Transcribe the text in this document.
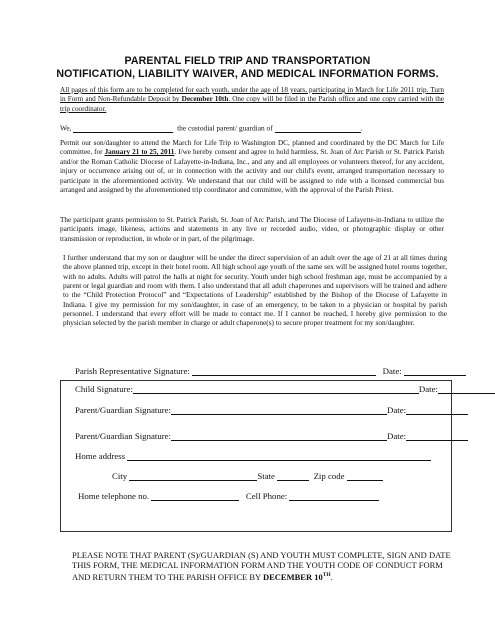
PARENTAL FIELD TRIP AND TRANSPORTATION
NOTIFICATION, LIABILITY WAIVER, AND MEDICAL INFORMATION FORMS.
All pages of this form are to be completed for each youth, under the age of 18 years, participating in March for Life 2011 trip. Turn in Form and Non-Refundable Deposit by December 10th. One copy will be filed in the Parish office and one copy carried with the trip coordinator.
We,	the custodial parent/ guardian of	.
Permit our son/daughter to attend the March for Life Trip to Washington DC, planned and coordinated by the DC March for Life committee, for January 21 to 25, 2011. I/we hereby consent and agree to hold harmless, St. Joan of Arc Parish or St. Patrick Parish and/or the Roman Catholic Diocese of Lafayette-in-Indiana, Inc., and any and all employees or volunteers thereof, for any accident, injury or occurrence arising out of, or in connection with the activity and our child's event, arranged transportation necessary to participate in the aforementioned activity. We understand that our child will be assigned to ride with a licensed commercial bus arranged and assigned by the aforementioned trip coordinator and committee, with the approval of the Parish Priest.
The participant grants permission to St. Patrick Parish, St. Joan of Arc Parish, and The Diocese of Lafayette-in-Indiana to utilize the participants image, likeness, actions and statements in any live or recorded audio, video, or photographic display or other transmission or reproduction, in whole or in part, of the pilgrimage.
I further understand that my son or daughter will be under the direct supervision of an adult over the age of 21 at all times during the above planned trip, except in their hotel room. All high school age youth of the same sex will be assigned hotel rooms together, with no adults. Adults will patrol the halls at night for security. Youth under high school freshman age, must be accompanied by a parent or legal guardian and room with them. I also understand that all adult chaperones and supervisors will be trained and adhere to the “Child Protection Protocol” and “Expectations of Leadership” established by the Bishop of the Diocese of Lafayette in Indiana. I give my permission for my son/daughter, in case of an emergency, to be taken to a physician or hospital by parish personnel. I understand that every effort will be made to contact me. If I cannot be reached, I hereby give permission to the physician selected by the parish member in charge or adult chaperone(s) to secure proper treatment for my son/daughter.
Parish Representative Signature:	Date:
Child Signature:	Date:
Parent/Guardian Signature:	Date:
Parent/Guardian Signature:	Date:
Home address
City	State	Zip code
Home telephone no.	Cell Phone:
PLEASE NOTE THAT PARENT (S)/GUARDIAN (S) AND YOUTH MUST COMPLETE, SIGN AND DATE THIS FORM, THE MEDICAL INFORMATION FORM AND THE YOUTH CODE OF CONDUCT FORM AND RETURN THEM TO THE PARISH OFFICE BY DECEMBER 10TH.
